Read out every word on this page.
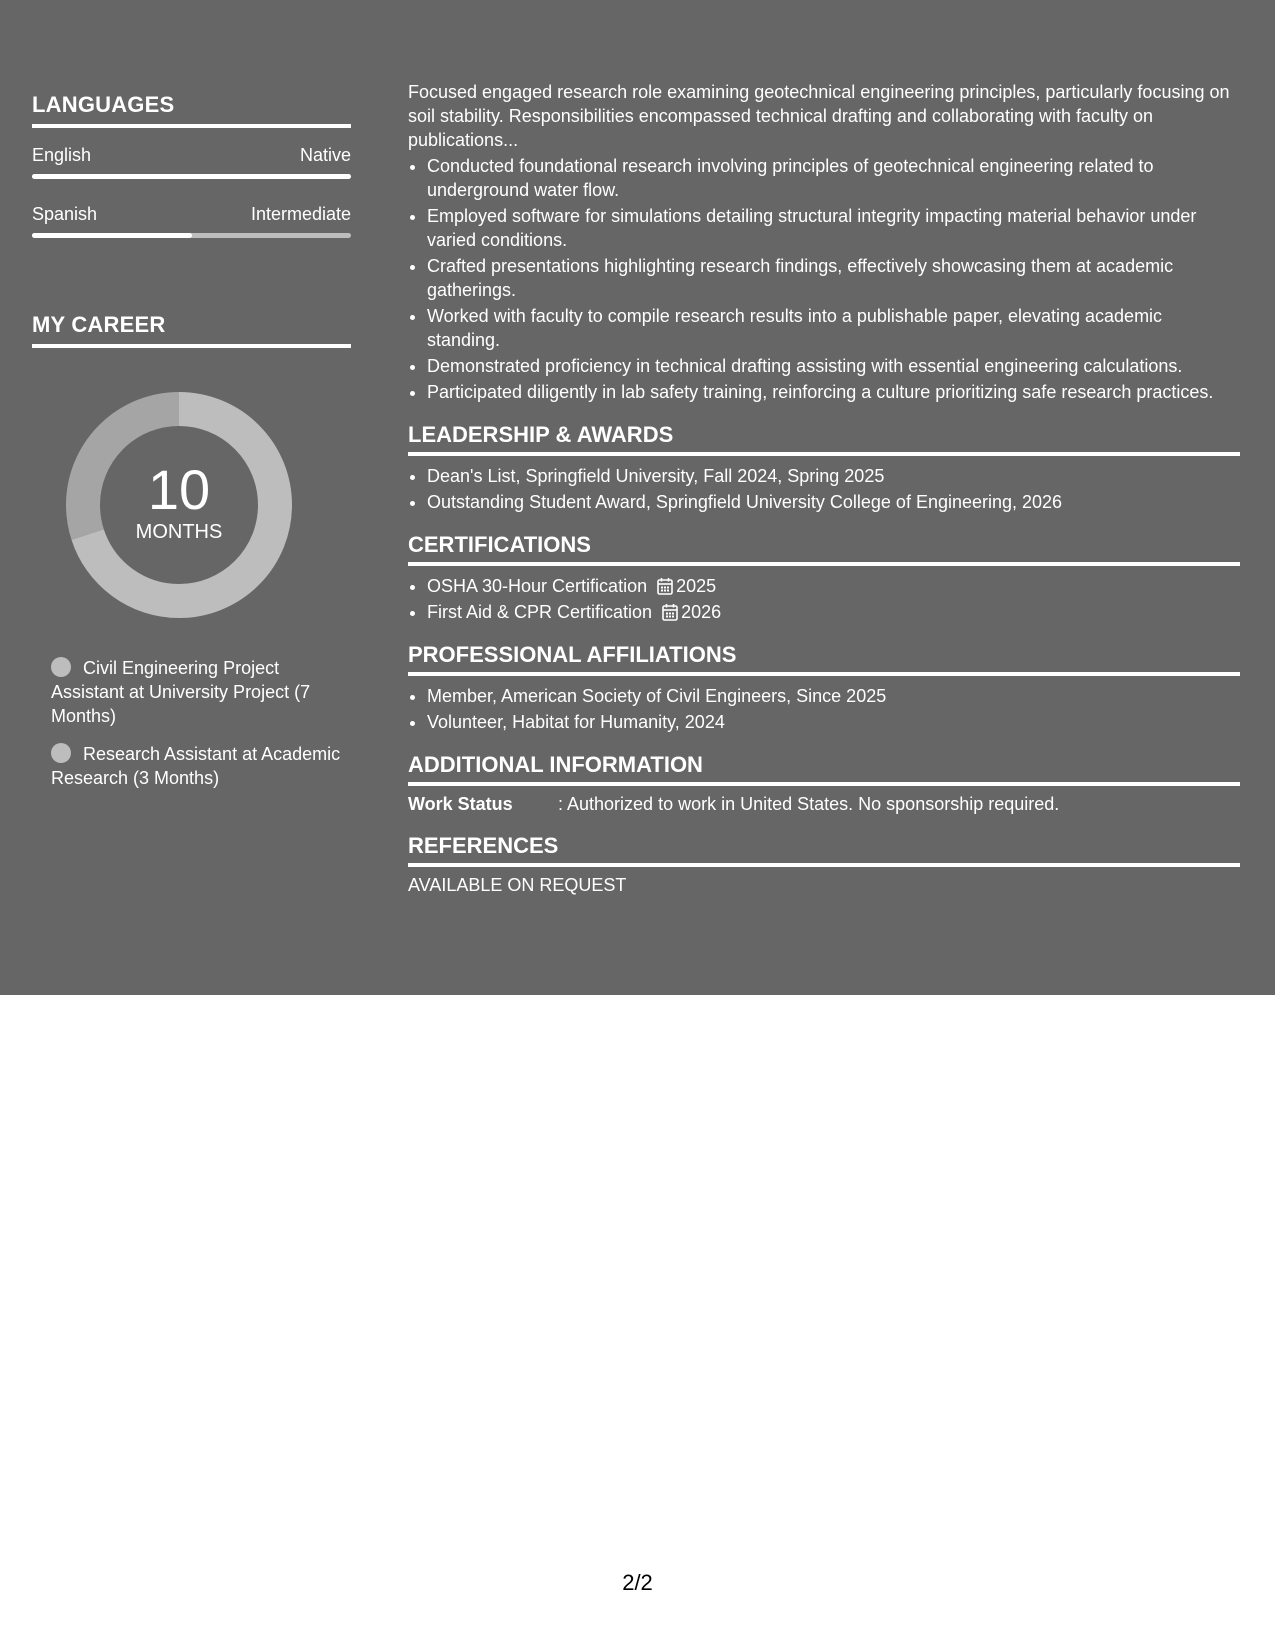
LANGUAGES
English	Native
Spanish	Intermediate
MY CAREER
10
MONTHS
Civil Engineering Project Assistant at University Project (7 Months)
Research Assistant at Academic Research (3 Months)

Focused engaged research role examining geotechnical engineering principles, particularly focusing on soil stability. Responsibilities encompassed technical drafting and collaborating with faculty on publications...

• Conducted foundational research involving principles of geotechnical engineering related to underground water flow.
• Employed software for simulations detailing structural integrity impacting material behavior under varied conditions.
• Crafted presentations highlighting research findings, effectively showcasing them at academic gatherings.
• Worked with faculty to compile research results into a publishable paper, elevating academic standing.
• Demonstrated proficiency in technical drafting assisting with essential engineering calculations.
• Participated diligently in lab safety training, reinforcing a culture prioritizing safe research practices.
LEADERSHIP & AWARDS
• Dean's List, Springfield University, Fall 2024, Spring 2025
• Outstanding Student Award, Springfield University College of Engineering, 2026
CERTIFICATIONS
• OSHA 30-Hour Certification 2025
• First Aid & CPR Certification 2026
PROFESSIONAL AFFILIATIONS
• Member, American Society of Civil Engineers, Since 2025
• Volunteer, Habitat for Humanity, 2024
ADDITIONAL INFORMATION
Work Status	: Authorized to work in United States. No sponsorship required.
REFERENCES
AVAILABLE ON REQUEST
2/2
